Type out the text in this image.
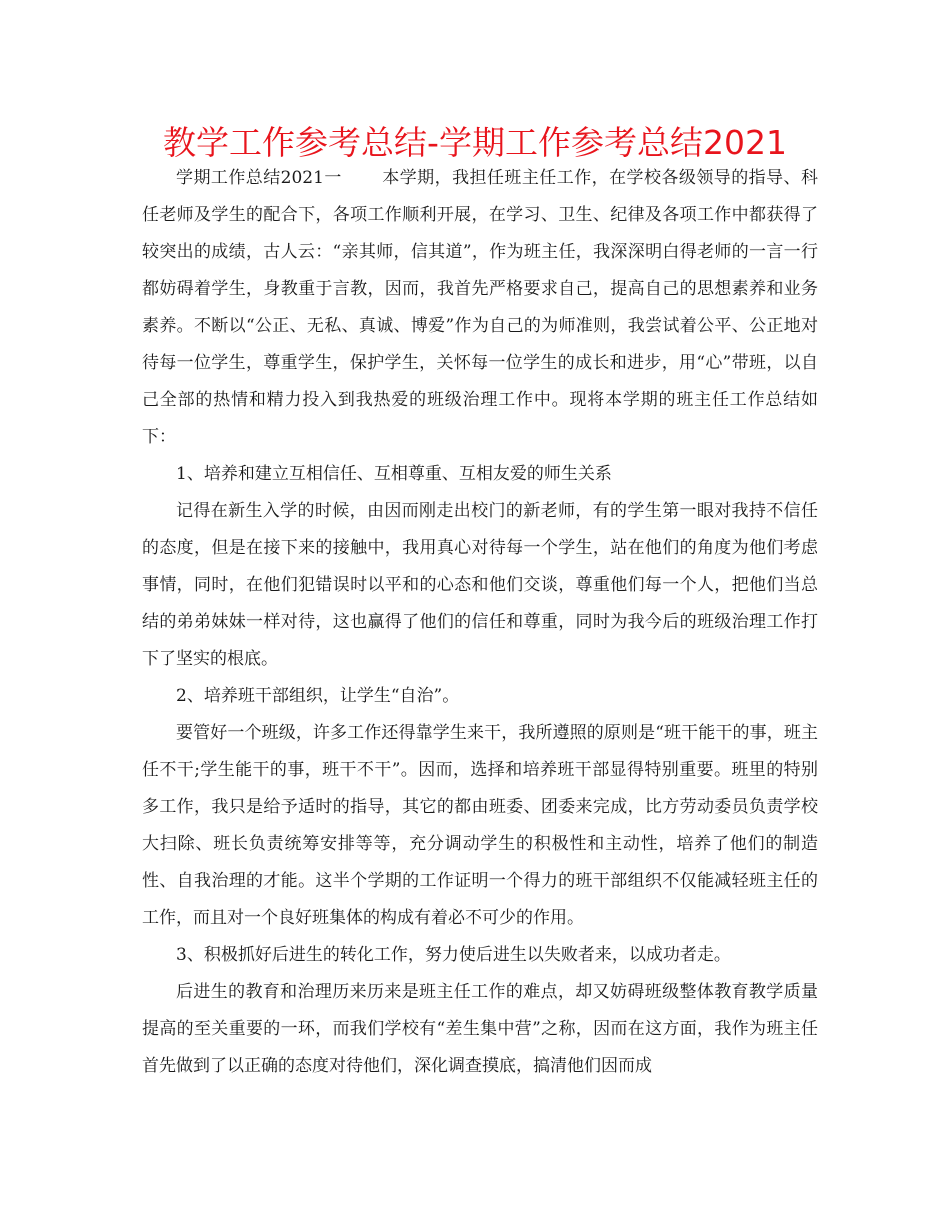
教学工作参考总结-学期工作参考总结2021

学期工作总结2021一 本学期，我担任班主任工作，在学校各级领导的指导、科任老师及学生的配合下，各项工作顺利开展，在学习、卫生、纪律及各项工作中都获得了较突出的成绩，古人云：“亲其师，信其道”，作为班主任，我深深明白得老师的一言一行都妨碍着学生，身教重于言教，因而，我首先严格要求自己，提高自己的思想素养和业务素养。不断以“公正、无私、真诚、博爱”作为自己的为师准则，我尝试着公平、公正地对待每一位学生，尊重学生，保护学生，关怀每一位学生的成长和进步，用“心”带班，以自己全部的热情和精力投入到我热爱的班级治理工作中。现将本学期的班主任工作总结如下：

1、培养和建立互相信任、互相尊重、互相友爱的师生关系

记得在新生入学的时候，由因而刚走出校门的新老师，有的学生第一眼对我持不信任的态度，但是在接下来的接触中，我用真心对待每一个学生，站在他们的角度为他们考虑事情，同时，在他们犯错误时以平和的心态和他们交谈，尊重他们每一个人，把他们当总结的弟弟妹妹一样对待，这也赢得了他们的信任和尊重，同时为我今后的班级治理工作打下了坚实的根底。

2、培养班干部组织，让学生“自治”。

要管好一个班级，许多工作还得靠学生来干，我所遵照的原则是“班干能干的事，班主任不干;学生能干的事，班干不干”。因而，选择和培养班干部显得特别重要。班里的特别多工作，我只是给予适时的指导，其它的都由班委、团委来完成，比方劳动委员负责学校大扫除、班长负责统筹安排等等，充分调动学生的积极性和主动性，培养了他们的制造性、自我治理的才能。这半个学期的工作证明一个得力的班干部组织不仅能减轻班主任的工作，而且对一个良好班集体的构成有着必不可少的作用。

3、积极抓好后进生的转化工作，努力使后进生以失败者来，以成功者走。

后进生的教育和治理历来历来是班主任工作的难点，却又妨碍班级整体教育教学质量提高的至关重要的一环，而我们学校有“差生集中营”之称，因而在这方面，我作为班主任首先做到了以正确的态度对待他们，深化调查摸底，搞清他们因而成
